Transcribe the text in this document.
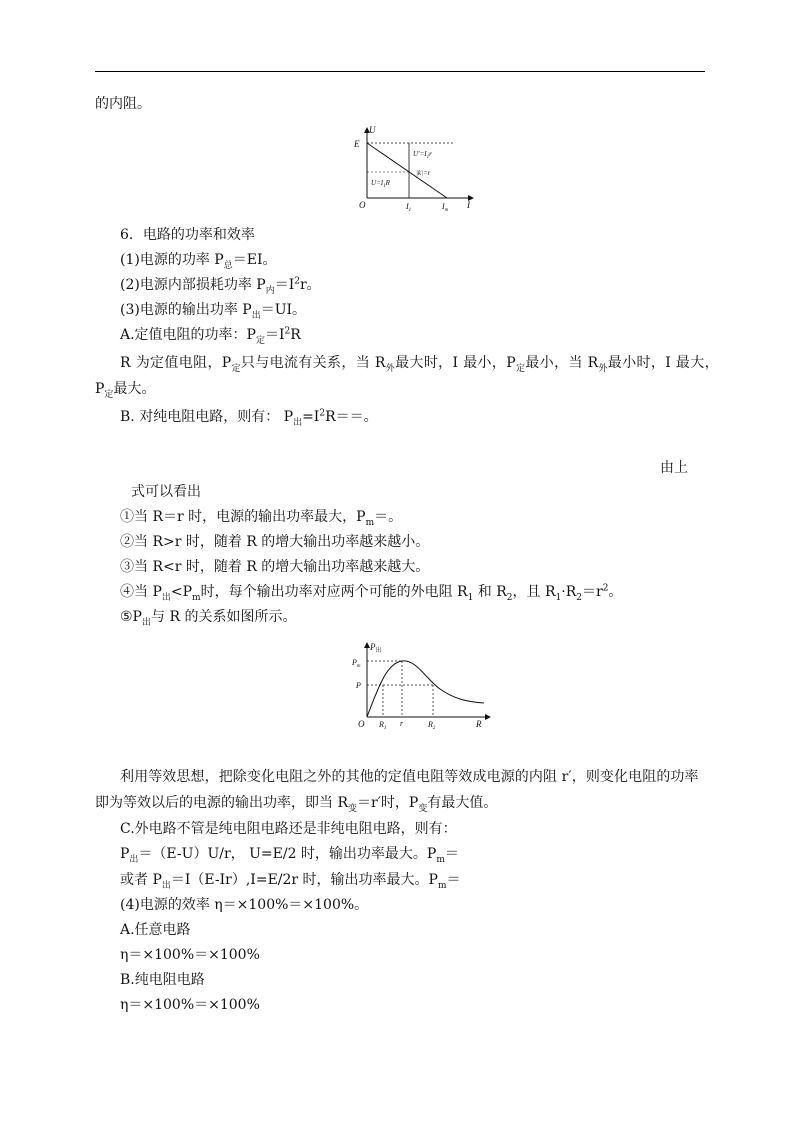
的内阻。
U
E
O	I
$I_1$	$I_m$
$U'=I_1r$
|k|=r
$U=I_1R$
6．电路的功率和效率
(1)电源的功率 $P_总=EI$。
(2)电源内部损耗功率 $P_内=I^2r$。
(3)电源的输出功率 $P_出=UI$。
A.定值电阻的功率：$P_定=I^2R$
R 为定值电阻，$P_定$只与电流有关系，当 $R_外$最大时，I 最小，$P_定$最小，当 $R_外$最小时，I 最大，
$P_定$最大。
B. 对纯电阻电路，则有： $P_出=I^2R==$。
由上
式可以看出
①当 R＝r 时，电源的输出功率最大，$P_m=$。
②当 R>r 时，随着 R 的增大输出功率越来越小。
③当 R<r 时，随着 R 的增大输出功率越来越大。
④当 $P_出<P_m$时，每个输出功率对应两个可能的外电阻 $R_1$ 和 $R_2$，且 $R_1\cdot R_2=r^2$。
$⑤P_出$与 R 的关系如图所示。
$P_出$
$P_m$
P
O $R_1$
r	$R_2$	R
利用等效思想，把除变化电阻之外的其他的定值电阻等效成电源的内阻 r′，则变化电阻的功率
即为等效以后的电源的输出功率，即当 $R_变=r'$时，$P_变$有最大值。
C.外电路不管是纯电阻电路还是非纯电阻电路，则有：
$P_出=(E-U)U/r$， U=E/2 时，输出功率最大。$P_m=$
或者 $P_出=I(E-Ir),I=E/2r$ 时，输出功率最大。$P_m=$
(4)电源的效率 η＝×100%＝×100%。
A.任意电路
η＝×100%＝×100%
B.纯电阻电路
η＝×100%＝×100%
